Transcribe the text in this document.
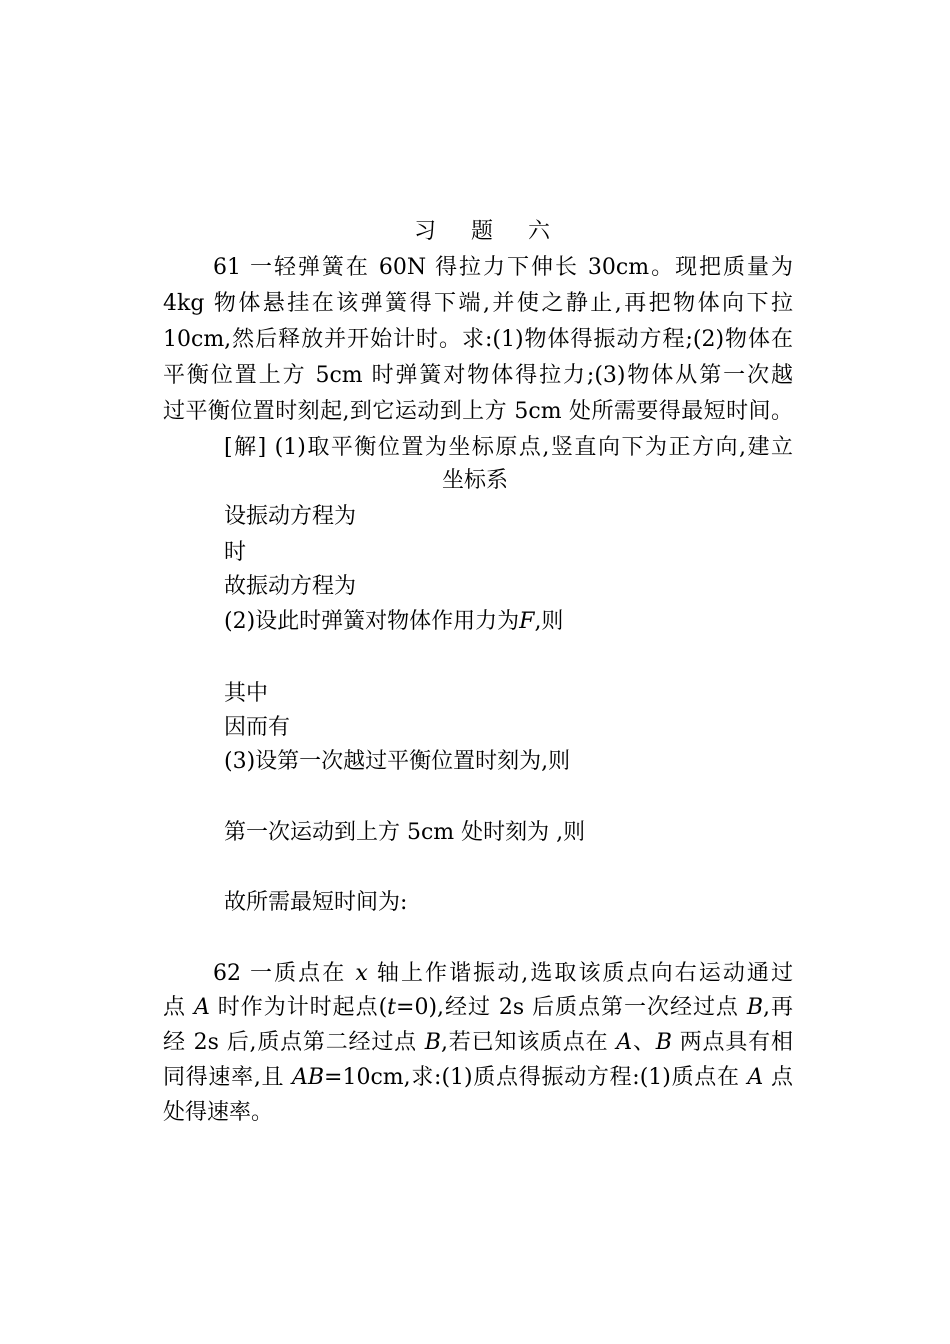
习 题 六
61 一轻弹簧在 60N 得拉力下伸长 30cm。现把质量为
4kg 物体悬挂在该弹簧得下端,并使之静止,再把物体向下拉
10cm,然后释放并开始计时。求:(1)物体得振动方程;(2)物体在
平衡位置上方 5cm 时弹簧对物体得拉力;(3)物体从第一次越
过平衡位置时刻起,到它运动到上方 5cm 处所需要得最短时间。
[解] (1)取平衡位置为坐标原点,竖直向下为正方向,建立
坐标系
设振动方程为
时
故振动方程为
(2)设此时弹簧对物体作用力为F,则
其中
因而有
(3)设第一次越过平衡位置时刻为,则
第一次运动到上方 5cm 处时刻为 ,则
故所需最短时间为:
62 一质点在 x 轴上作谐振动,选取该质点向右运动通过
点 A 时作为计时起点(t=0),经过 2s 后质点第一次经过点 B,再
经 2s 后,质点第二经过点 B,若已知该质点在 A、B 两点具有相
同得速率,且 AB=10cm,求:(1)质点得振动方程:(1)质点在 A 点
处得速率。
